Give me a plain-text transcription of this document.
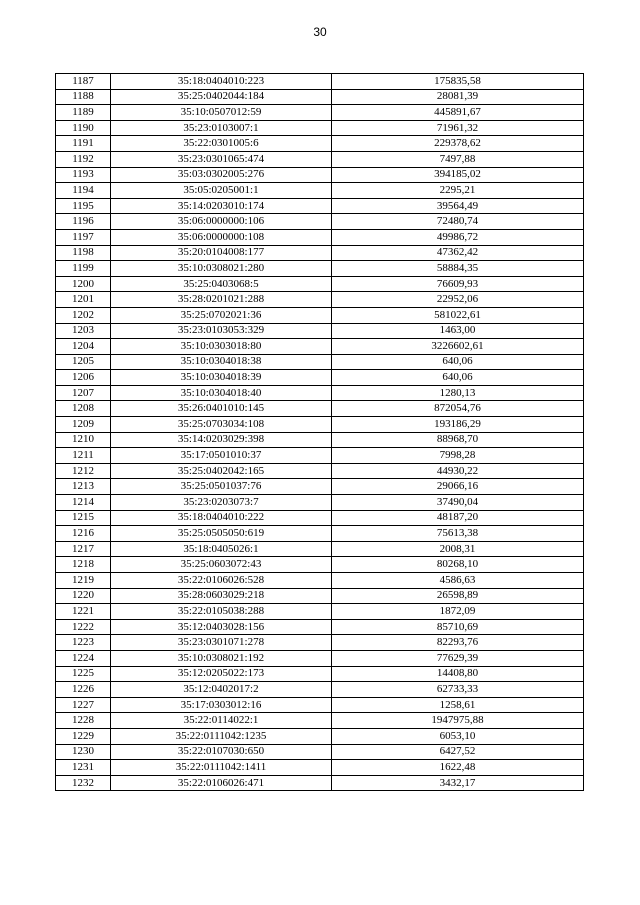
30
1187	35:18:0404010:223	175835,58
1188	35:25:0402044:184	28081,39
1189	35:10:0507012:59	445891,67
1190	35:23:0103007:1	71961,32
1191	35:22:0301005:6	229378,62
1192	35:23:0301065:474	7497,88
1193	35:03:0302005:276	394185,02
1194	35:05:0205001:1	2295,21
1195	35:14:0203010:174	39564,49
1196	35:06:0000000:106	72480,74
1197	35:06:0000000:108	49986,72
1198	35:20:0104008:177	47362,42
1199	35:10:0308021:280	58884,35
1200	35:25:0403068:5	76609,93
1201	35:28:0201021:288	22952,06
1202	35:25:0702021:36	581022,61
1203	35:23:0103053:329	1463,00
1204	35:10:0303018:80	3226602,61
1205	35:10:0304018:38	640,06
1206	35:10:0304018:39	640,06
1207	35:10:0304018:40	1280,13
1208	35:26:0401010:145	872054,76
1209	35:25:0703034:108	193186,29
1210	35:14:0203029:398	88968,70
1211	35:17:0501010:37	7998,28
1212	35:25:0402042:165	44930,22
1213	35:25:0501037:76	29066,16
1214	35:23:0203073:7	37490,04
1215	35:18:0404010:222	48187,20
1216	35:25:0505050:619	75613,38
1217	35:18:0405026:1	2008,31
1218	35:25:0603072:43	80268,10
1219	35:22:0106026:528	4586,63
1220	35:28:0603029:218	26598,89
1221	35:22:0105038:288	1872,09
1222	35:12:0403028:156	85710,69
1223	35:23:0301071:278	82293,76
1224	35:10:0308021:192	77629,39
1225	35:12:0205022:173	14408,80
1226	35:12:0402017:2	62733,33
1227	35:17:0303012:16	1258,61
1228	35:22:0114022:1	1947975,88
1229	35:22:0111042:1235	6053,10
1230	35:22:0107030:650	6427,52
1231	35:22:0111042:1411	1622,48
1232	35:22:0106026:471	3432,17
